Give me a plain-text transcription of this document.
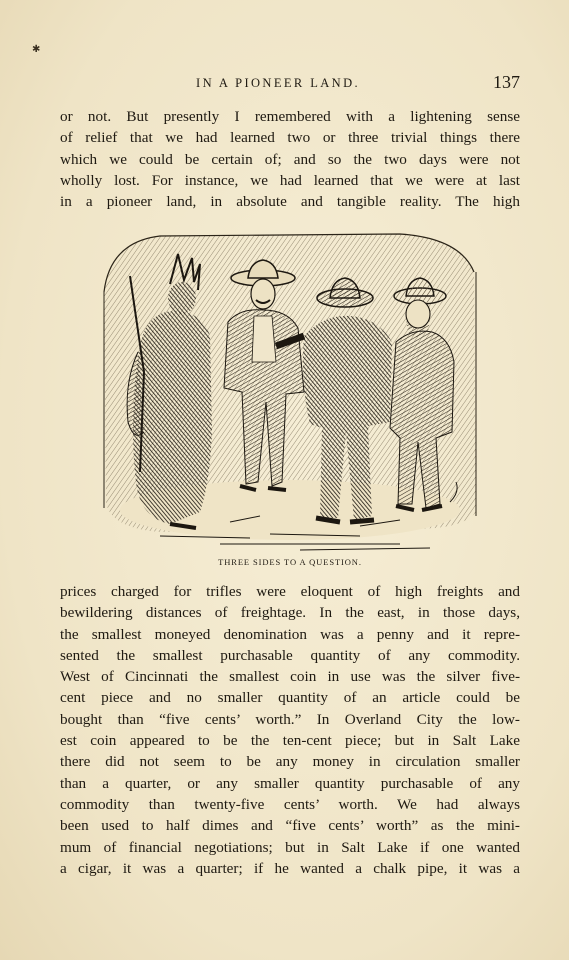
✱
IN A PIONEER LAND.	137
or not. But presently I remembered with a lightening sense
of relief that we had learned two or three trivial things there
which we could be certain of; and so the two days were not
wholly lost. For instance, we had learned that we were at last
in a pioneer land, in absolute and tangible reality. The high
THREE SIDES TO A QUESTION.
prices charged for trifles were eloquent of high freights and
bewildering distances of freightage. In the east, in those days,
the smallest moneyed denomination was a penny and it repre-
sented the smallest purchasable quantity of any commodity.
West of Cincinnati the smallest coin in use was the silver five-
cent piece and no smaller quantity of an article could be
bought than “five cents’ worth.” In Overland City the low-
est coin appeared to be the ten-cent piece; but in Salt Lake
there did not seem to be any money in circulation smaller
than a quarter, or any smaller quantity purchasable of any
commodity than twenty-five cents’ worth. We had always
been used to half dimes and “five cents’ worth” as the mini-
mum of financial negotiations; but in Salt Lake if one wanted
a cigar, it was a quarter; if he wanted a chalk pipe, it was a
